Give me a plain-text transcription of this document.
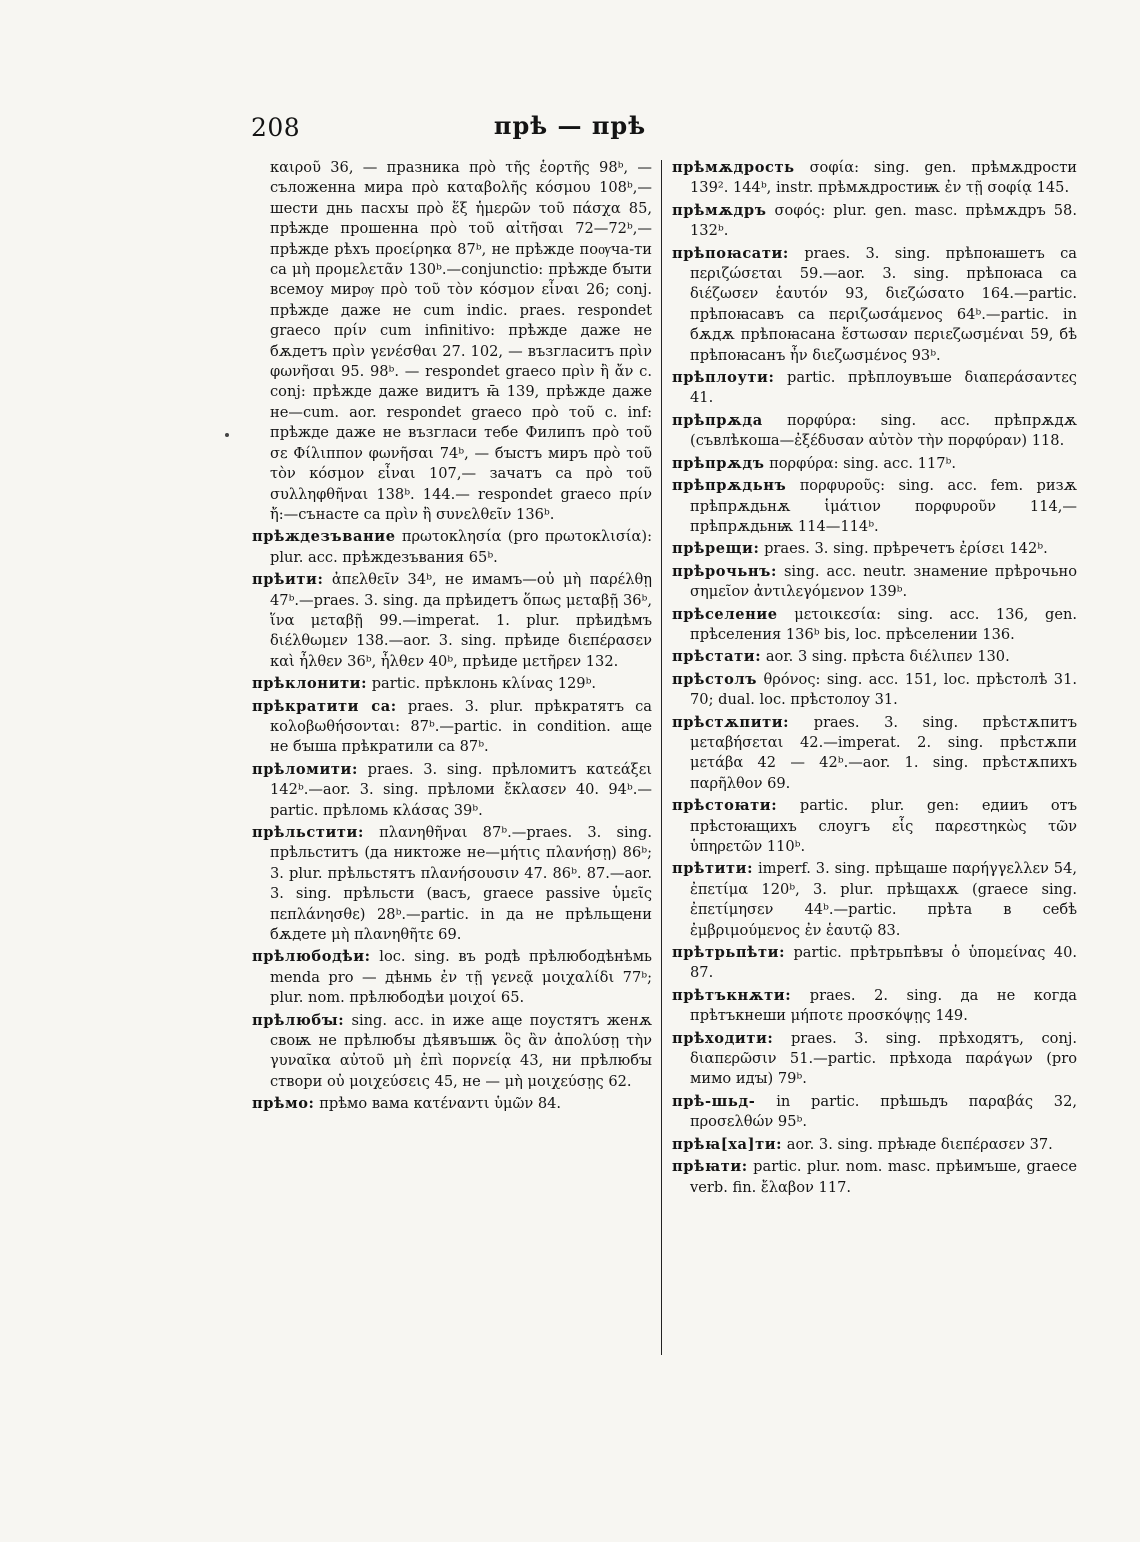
208	прѣ — прѣ

καιροῦ 36, — празника πρὸ τῆς ἑορτῆς 98ᵇ, — съложенна мира πρὸ καταβολῆς κόσμου 108ᵇ,— шести днь пасхꙑ πρὸ ἕξ ἡμερῶν τοῦ πάσχα 85, прѣжде прошенна πρὸ τοῦ αἰτῆσαι 72—72ᵇ,— прѣжде рѣхъ προείρηκα 87ᵇ, не прѣжде поѹча-ти са μὴ προμελετᾶν 130ᵇ.—conjunctio: прѣжде бꙑти всемоу мирѹ πρὸ τοῦ τὸν κόσμον εἶναι 26; conj. прѣжде даже не cum indic. praes. respondet graeco πρίν cum infinitivo: прѣжде даже не бѫдетъ πρὶν γενέσθαι 27. 102, — възгласитъ πρὶν φωνῆσαι 95. 98ᵇ. — respondet graeco πρὶν ἢ ἄν c. conj: прѣжде даже видитъ ꙗ̄ 139, прѣжде даже не—cum. aor. respondet graeco πρὸ τοῦ c. inf: прѣжде даже не възгласи тебе Филипъ πρὸ τοῦ σε Φίλιππον φωνῆσαι 74ᵇ, — бꙑстъ миръ πρὸ τοῦ τὸν κόσμον εἶναι 107,— зачатъ са πρὸ τοῦ συλληφθῆναι 138ᵇ. 144.— respondet graeco πρίν ἤ:—сънасте са πρὶν ἢ συνελθεῖν 136ᵇ.

прѣждезъвание πρωτοκλησία (pro πρωτοκλισία): plur. acc. прѣждезъвания 65ᵇ.

прѣити: ἀπελθεῖν 34ᵇ, не имамъ—οὐ μὴ παρέλθῃ 47ᵇ.—praes. 3. sing. да прѣидетъ ὅπως μεταβῇ 36ᵇ, ἵνα μεταβῇ 99.—imperat. 1. plur. прѣидѣмъ διέλθωμεν 138.—aor. 3. sing. прѣиде διεπέρασεν καὶ ἦλθεν 36ᵇ, ἦλθεν 40ᵇ, прѣиде μετῆρεν 132.

прѣклонити: partic. прѣклонь κλίνας 129ᵇ.

прѣкратити са: praes. 3. plur. прѣкратятъ са κολοβωθήσονται: 87ᵇ.—partic. in condition. аще не бꙑша прѣкратили са 87ᵇ.

прѣломити: praes. 3. sing. прѣломитъ κατεάξει 142ᵇ.—aor. 3. sing. прѣломи ἔκλασεν 40. 94ᵇ.— partic. прѣломь κλάσας 39ᵇ.

прѣльстити: πλανηθῆναι 87ᵇ.—praes. 3. sing. прѣльститъ (да никтоже не—μήτις πλανήσῃ) 86ᵇ; 3. plur. прѣльстятъ πλανήσουσιν 47. 86ᵇ. 87.—aor. 3. sing. прѣльсти (васъ, graece passive ὑμεῖς πεπλάνησθε) 28ᵇ.—partic. in да не прѣльщени бѫдете μὴ πλανηθῆτε 69.

прѣлюбодѣи: loc. sing. въ родѣ прѣлюбодѣнѣмь menda pro — дѣнмь ἐν τῇ γενεᾷ μοιχαλίδι 77ᵇ; plur. nom. прѣлюбодѣи μοιχοί 65.

прѣлюбꙑ: sing. acc. in иже аще поустятъ женѫ своѭ не прѣлюбꙑ дѣявъшѭ ὃς ἂν ἀπολύσῃ τὴν γυναῖκα αὐτοῦ μὴ ἐπὶ πορνείᾳ 43, ни прѣлюбꙑ створи οὐ μοιχεύσεις 45, не — μὴ μοιχεύσῃς 62.

прѣмо: прѣмо вама κατέναντι ὑμῶν 84.

прѣмѫдрость σοφία: sing. gen. прѣмѫдрости 139². 144ᵇ, instr. прѣмѫдростиѭ ἐν τῇ σοφίᾳ 145.

прѣмѫдръ σοφός: plur. gen. masc. прѣмѫдръ 58. 132ᵇ.

прѣпоꙗсати: praes. 3. sing. прѣпоꙗшетъ са περιζώσεται 59.—aor. 3. sing. прѣпоꙗса са διέζωσεν ἑαυτόν 93, διεζώσατο 164.—partic. прѣпоꙗсавъ са περιζωσάμενος 64ᵇ.—partic. in бѫдѫ прѣпоꙗсана ἔστωσαν περιεζωσμέναι 59, бѣ прѣпоꙗсанъ ἦν διεζωσμένος 93ᵇ.

прѣплоути: partic. прѣплоувъше διαπεράσαντες 41.

прѣпрѫда πορφύρα: sing. acc. прѣпрѫдѫ (съвлѣкоша—ἐξέδυσαν αὐτὸν τὴν πορφύραν) 118.

прѣпрѫдъ πορφύρα: sing. acc. 117ᵇ.

прѣпрѫдьнъ πορφυροῦς: sing. acc. fem. ризѫ прѣпрѫдьнѫ ἱμάτιον πορφυροῦν 114,—прѣпрѫдьнѭ 114—114ᵇ.

прѣрещи: praes. 3. sing. прѣречетъ ἐρίσει 142ᵇ.

прѣрочьнъ: sing. acc. neutr. знамение прѣрочьно σημεῖον ἀντιλεγόμενον 139ᵇ.

прѣселение μετοικεσία: sing. acc. 136, gen. прѣселения 136ᵇ bis, loc. прѣселении 136.

прѣстати: aor. 3 sing. прѣста διέλιπεν 130.

прѣстолъ θρόνος: sing. acc. 151, loc. прѣстолѣ 31. 70; dual. loc. прѣстолоу 31.

прѣстѫпити: praes. 3. sing. прѣстѫпитъ μεταβήσεται 42.—imperat. 2. sing. прѣстѫпи μετάβα 42 — 42ᵇ.—aor. 1. sing. прѣстѫпихъ παρῆλθον 69.

прѣстоꙗти: partic. plur. gen: едииъ отъ прѣстоꙗщихъ слоугъ εἷς παρεστηκὼς τῶν ὑπηρετῶν 110ᵇ.

прѣтити: imperf. 3. sing. прѣщаше παρήγγελλεν 54, ἐπετίμα 120ᵇ, 3. plur. прѣщахѫ (graece sing. ἐπετίμησεν 44ᵇ.—partic. прѣта в себѣ ἐμβριμούμενος ἐν ἑαυτῷ 83.

прѣтрьпѣти: partic. прѣтрьпѣвꙑ ὁ ὑπομείνας 40. 87.

прѣтъкнѫти: praes. 2. sing. да не когда прѣтъкнеши μήποτε προσκόψῃς 149.

прѣходити: praes. 3. sing. прѣходятъ, conj. διαπερῶσιν 51.—partic. прѣхода παράγων (pro мимо идꙑ) 79ᵇ.

прѣ-шьд- in partic. прѣшьдъ παραβάς 32, προσελθών 95ᵇ.

прѣꙗ[ха]ти: aor. 3. sing. прѣꙗде διεπέρασεν 37.

прѣꙗти: partic. plur. nom. masc. прѣимъше, graece verb. fin. ἔλαβον 117.
